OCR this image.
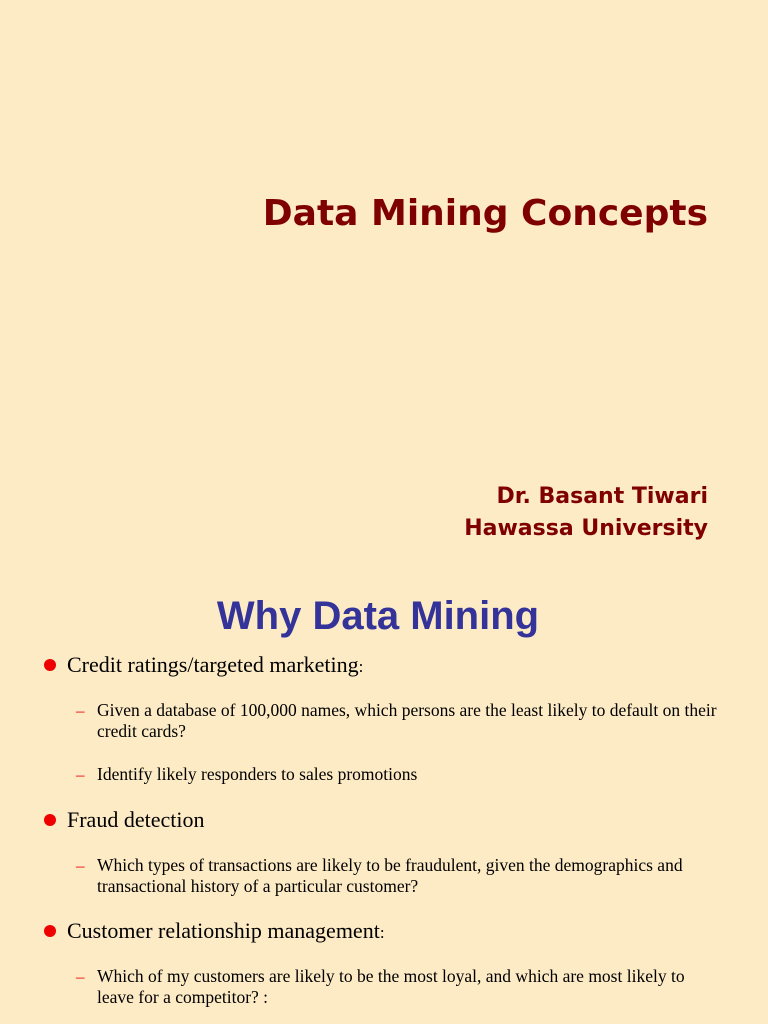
Data Mining Concepts
Dr. Basant Tiwari
Hawassa University
Why Data Mining
Credit ratings/targeted marketing:
– Given a database of 100,000 names, which persons are the least likely to default on their credit cards?
– Identify likely responders to sales promotions
Fraud detection
– Which types of transactions are likely to be fraudulent, given the demographics and transactional history of a particular customer?
Customer relationship management:
– Which of my customers are likely to be the most loyal, and which are most likely to leave for a competitor? :
